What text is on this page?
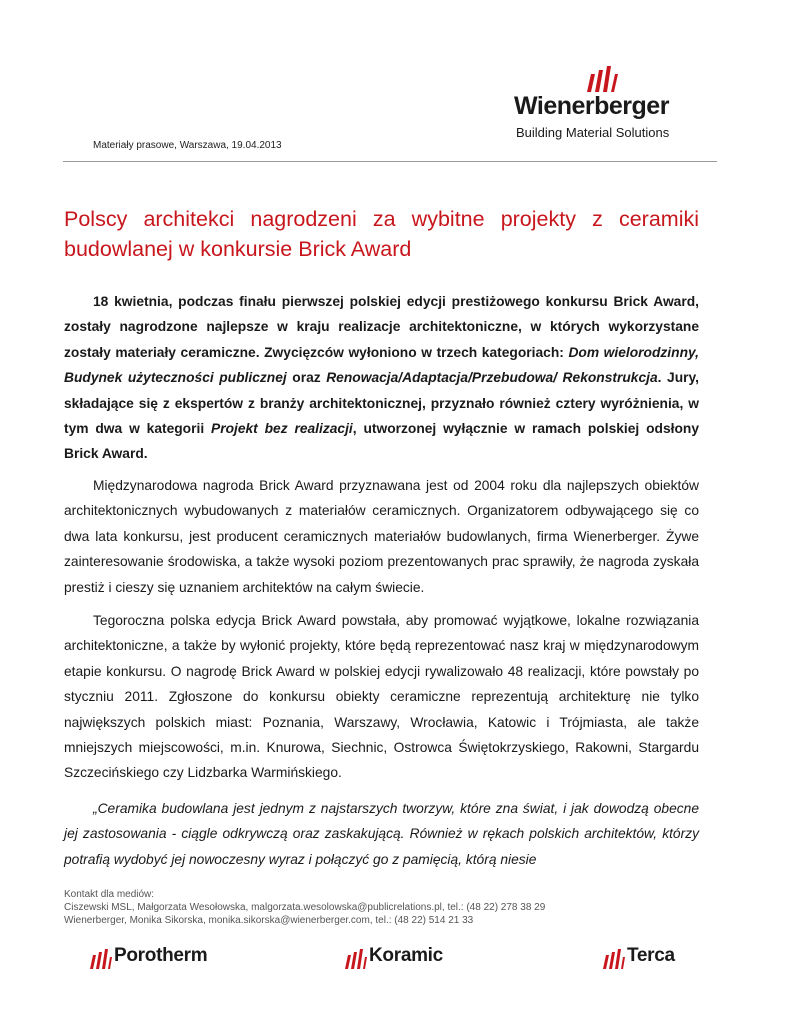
Wienerberger
Building Material Solutions
Materiały prasowe, Warszawa, 19.04.2013
Polscy architekci nagrodzeni za wybitne projekty z ceramiki budowlanej w konkursie Brick Award

18 kwietnia, podczas finału pierwszej polskiej edycji prestiżowego konkursu Brick Award, zostały nagrodzone najlepsze w kraju realizacje architektoniczne, w których wykorzystane zostały materiały ceramiczne. Zwycięzców wyłoniono w trzech kategoriach: Dom wielorodzinny, Budynek użyteczności publicznej oraz Renowacja/Adaptacja/Przebudowa/ Rekonstrukcja. Jury, składające się z ekspertów z branży architektonicznej, przyznało również cztery wyróżnienia, w tym dwa w kategorii Projekt bez realizacji, utworzonej wyłącznie w ramach polskiej odsłony Brick Award.

Międzynarodowa nagroda Brick Award przyznawana jest od 2004 roku dla najlepszych obiektów architektonicznych wybudowanych z materiałów ceramicznych. Organizatorem odbywającego się co dwa lata konkursu, jest producent ceramicznych materiałów budowlanych, firma Wienerberger. Żywe zainteresowanie środowiska, a także wysoki poziom prezentowanych prac sprawiły, że nagroda zyskała prestiż i cieszy się uznaniem architektów na całym świecie.

Tegoroczna polska edycja Brick Award powstała, aby promować wyjątkowe, lokalne rozwiązania architektoniczne, a także by wyłonić projekty, które będą reprezentować nasz kraj w międzynarodowym etapie konkursu. O nagrodę Brick Award w polskiej edycji rywalizowało 48 realizacji, które powstały po styczniu 2011. Zgłoszone do konkursu obiekty ceramiczne reprezentują architekturę nie tylko największych polskich miast: Poznania, Warszawy, Wrocławia, Katowic i Trójmiasta, ale także mniejszych miejscowości, m.in. Knurowa, Siechnic, Ostrowca Świętokrzyskiego, Rakowni, Stargardu Szczecińskiego czy Lidzbarka Warmińskiego.

„Ceramika budowlana jest jednym z najstarszych tworzyw, które zna świat, i jak dowodzą obecne jej zastosowania - ciągle odkrywczą oraz zaskakującą. Również w rękach polskich architektów, którzy potrafią wydobyć jej nowoczesny wyraz i połączyć go z pamięcią, którą niesie

Kontakt dla mediów:
Ciszewski MSL, Małgorzata Wesołowska, malgorzata.wesolowska@publicrelations.pl, tel.: (48 22) 278 38 29
Wienerberger, Monika Sikorska, monika.sikorska@wienerberger.com, tel.: (48 22) 514 21 33
Porotherm	Koramic	Terca
